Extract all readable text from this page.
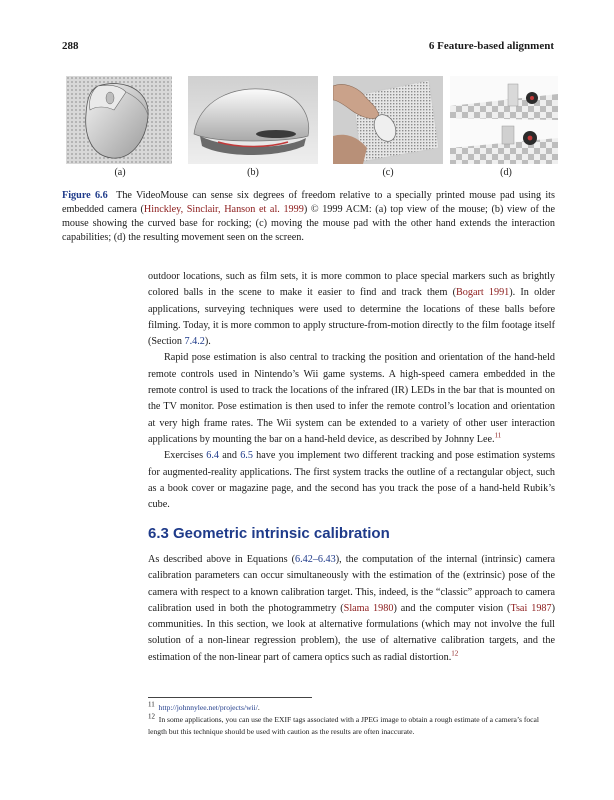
288	6 Feature-based alignment
(a)	(b)	(c)	(d)
Figure 6.6 The VideoMouse can sense six degrees of freedom relative to a specially printed mouse pad using its embedded camera (Hinckley, Sinclair, Hanson et al. 1999) © 1999 ACM: (a) top view of the mouse; (b) view of the mouse showing the curved base for rocking; (c) moving the mouse pad with the other hand extends the interaction capabilities; (d) the resulting movement seen on the screen.

outdoor locations, such as film sets, it is more common to place special markers such as brightly colored balls in the scene to make it easier to find and track them (Bogart 1991). In older applications, surveying techniques were used to determine the locations of these balls before filming. Today, it is more common to apply structure-from-motion directly to the film footage itself (Section 7.4.2).

Rapid pose estimation is also central to tracking the position and orientation of the hand-held remote controls used in Nintendo’s Wii game systems. A high-speed camera embedded in the remote control is used to track the locations of the infrared (IR) LEDs in the bar that is mounted on the TV monitor. Pose estimation is then used to infer the remote control’s location and orientation at very high frame rates. The Wii system can be extended to a variety of other user interaction applications by mounting the bar on a hand-held device, as described by Johnny Lee.$^{11}$

Exercises 6.4 and 6.5 have you implement two different tracking and pose estimation systems for augmented-reality applications. The first system tracks the outline of a rectangular object, such as a book cover or magazine page, and the second has you track the pose of a hand-held Rubik’s cube.

6.3 Geometric intrinsic calibration

As described above in Equations (6.42–6.43), the computation of the internal (intrinsic) camera calibration parameters can occur simultaneously with the estimation of the (extrinsic) pose of the camera with respect to a known calibration target. This, indeed, is the “classic” approach to camera calibration used in both the photogrammetry (Slama 1980) and the computer vision (Tsai 1987) communities. In this section, we look at alternative formulations (which may not involve the full solution of a non-linear regression problem), the use of alternative calibration targets, and the estimation of the non-linear part of camera optics such as radial distortion.$^{12}$

$^{11}$ http://johnnylee.net/projects/wii/.

$^{12}$ In some applications, you can use the EXIF tags associated with a JPEG image to obtain a rough estimate of a camera’s focal length but this technique should be used with caution as the results are often inaccurate.
